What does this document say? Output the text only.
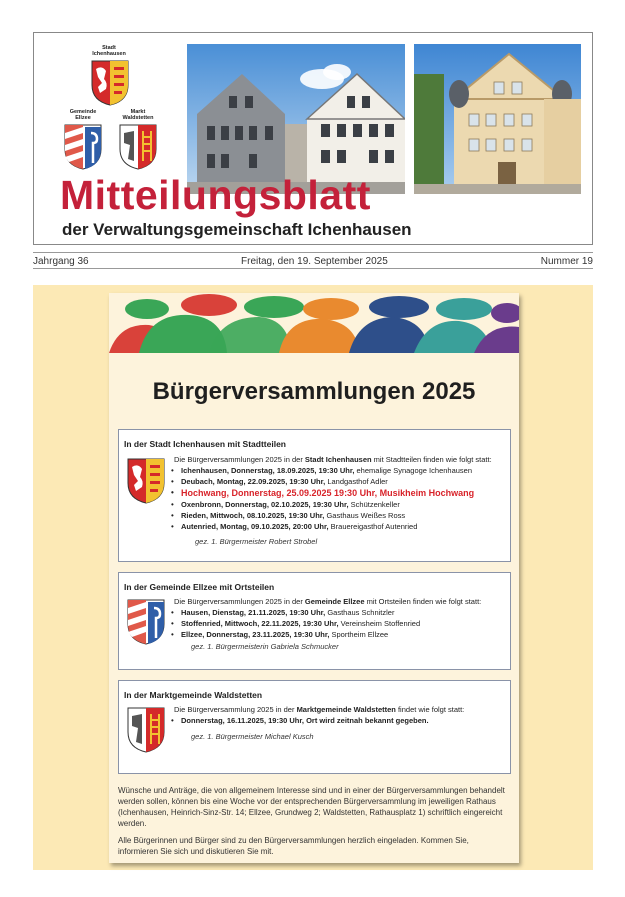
Stadt Ichenhausen
Gemeinde Ellzee
Markt Waldstetten
Mitteilungsblatt
der Verwaltungsgemeinschaft Ichenhausen
Jahrgang 36	Freitag, den 19. September 2025	Nummer 19
Bürgerversammlungen 2025
In der Stadt Ichenhausen mit Stadtteilen
Die Bürgerversammlungen 2025 in der Stadt Ichenhausen mit Stadtteilen finden wie folgt statt:
• Ichenhausen, Donnerstag, 18.09.2025, 19:30 Uhr, ehemalige Synagoge Ichenhausen
• Deubach, Montag, 22.09.2025, 19:30 Uhr, Landgasthof Adler
• Hochwang, Donnerstag, 25.09.2025 19:30 Uhr, Musikheim Hochwang
• Oxenbronn, Donnerstag, 02.10.2025, 19:30 Uhr, Schützenkeller
• Rieden, Mittwoch, 08.10.2025, 19:30 Uhr, Gasthaus Weißes Ross
• Autenried, Montag, 09.10.2025, 20:00 Uhr, Brauereigasthof Autenried
gez. 1. Bürgermeister Robert Strobel
In der Gemeinde Ellzee mit Ortsteilen
Die Bürgerversammlungen 2025 in der Gemeinde Ellzee mit Ortsteilen finden wie folgt statt:
• Hausen, Dienstag, 21.11.2025, 19:30 Uhr, Gasthaus Schnitzler
• Stoffenried, Mittwoch, 22.11.2025, 19:30 Uhr, Vereinsheim Stoffenried
• Ellzee, Donnerstag, 23.11.2025, 19:30 Uhr, Sportheim Ellzee
gez. 1. Bürgermeisterin Gabriela Schmucker
In der Marktgemeinde Waldstetten
Die Bürgerversammlung 2025 in der Marktgemeinde Waldstetten findet wie folgt statt:
• Donnerstag, 16.11.2025, 19:30 Uhr, Ort wird zeitnah bekannt gegeben.
gez. 1. Bürgermeister Michael Kusch

Wünsche und Anträge, die von allgemeinem Interesse sind und in einer der Bürgerversammlungen behandelt werden sollen, können bis eine Woche vor der entsprechenden Bürgerversammlung im jeweiligen Rathaus (Ichenhausen, Heinrich-Sinz-Str. 14; Ellzee, Grundweg 2; Waldstetten, Rathausplatz 1) schriftlich eingereicht werden.

Alle Bürgerinnen und Bürger sind zu den Bürgerversammlungen herzlich eingeladen. Kommen Sie, informieren Sie sich und diskutieren Sie mit.
